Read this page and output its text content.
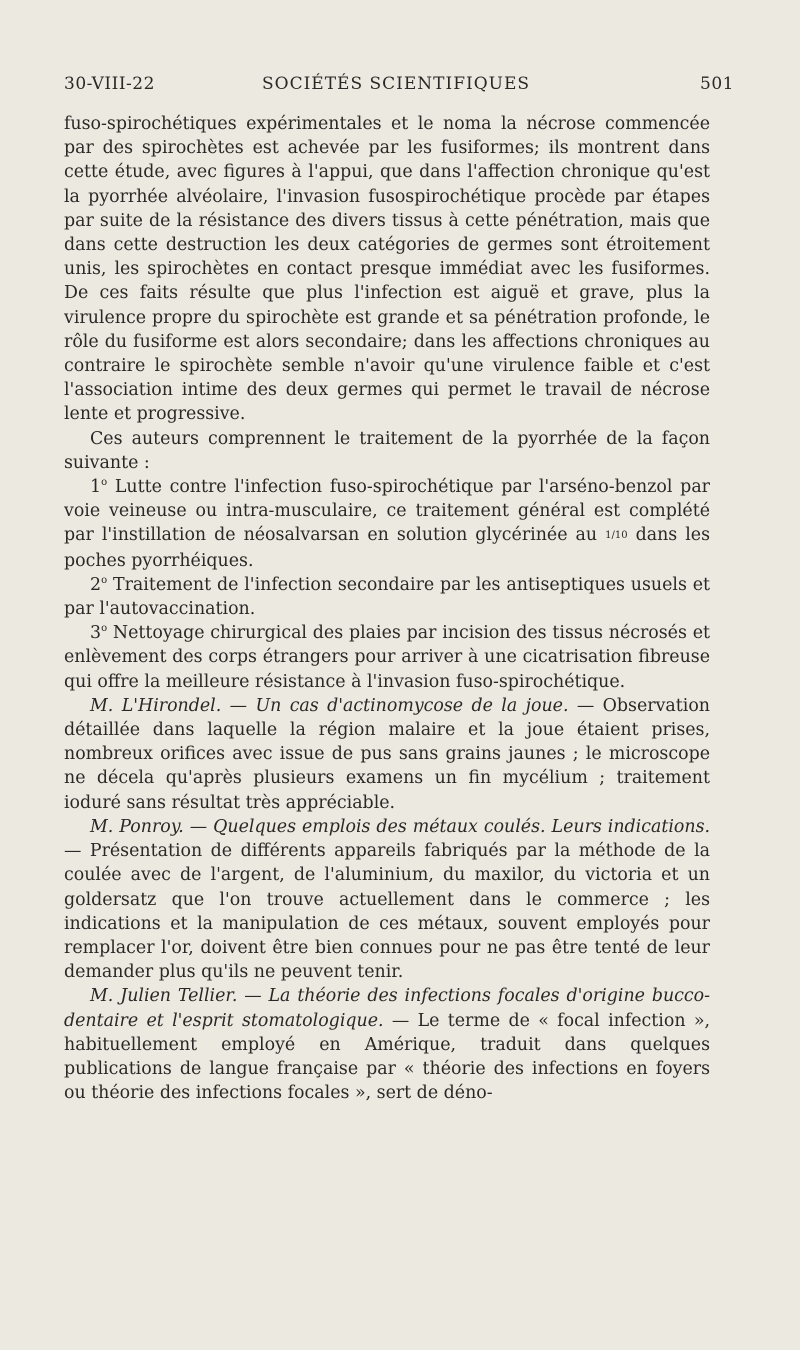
30-VIII-22	SOCIÉTÉS SCIENTIFIQUES	501

fuso-spirochétiques expérimentales et le noma la nécrose commencée par des spirochètes est achevée par les fusiformes; ils montrent dans cette étude, avec figures à l'appui, que dans l'affection chronique qu'est la pyorrhée alvéolaire, l'invasion fusospirochétique procède par étapes par suite de la résistance des divers tissus à cette pénétration, mais que dans cette destruction les deux catégories de germes sont étroitement unis, les spirochètes en contact presque immédiat avec les fusiformes. De ces faits résulte que plus l'infection est aiguë et grave, plus la virulence propre du spirochète est grande et sa pénétration profonde, le rôle du fusiforme est alors secondaire; dans les affections chroniques au contraire le spirochète semble n'avoir qu'une virulence faible et c'est l'association intime des deux germes qui permet le travail de nécrose lente et progressive.

Ces auteurs comprennent le traitement de la pyorrhée de la façon suivante :

1$^o$ Lutte contre l'infection fuso-spirochétique par l'arséno-benzol par voie veineuse ou intra-musculaire, ce traitement général est complété par l'instillation de néosalvarsan en solution glycérinée au 1/10 dans les poches pyorrhéiques.

2$^o$ Traitement de l'infection secondaire par les antiseptiques usuels et par l'autovaccination.

3$^o$ Nettoyage chirurgical des plaies par incision des tissus nécrosés et enlèvement des corps étrangers pour arriver à une cicatrisation fibreuse qui offre la meilleure résistance à l'invasion fuso-spirochétique.

M. L'Hirondel. — Un cas d'actinomycose de la joue. — Observation détaillée dans laquelle la région malaire et la joue étaient prises, nombreux orifices avec issue de pus sans grains jaunes ; le microscope ne décela qu'après plusieurs examens un fin mycélium ; traitement ioduré sans résultat très appréciable.

M. Ponroy. — Quelques emplois des métaux coulés. Leurs indications. — Présentation de différents appareils fabriqués par la méthode de la coulée avec de l'argent, de l'aluminium, du maxilor, du victoria et un goldersatz que l'on trouve actuellement dans le commerce ; les indications et la manipulation de ces métaux, souvent employés pour remplacer l'or, doivent être bien connues pour ne pas être tenté de leur demander plus qu'ils ne peuvent tenir.

M. Julien Tellier. — La théorie des infections focales d'origine bucco-dentaire et l'esprit stomatologique. — Le terme de « focal infection », habituellement employé en Amérique, traduit dans quelques publications de langue française par « théorie des infections en foyers ou théorie des infections focales », sert de déno-
